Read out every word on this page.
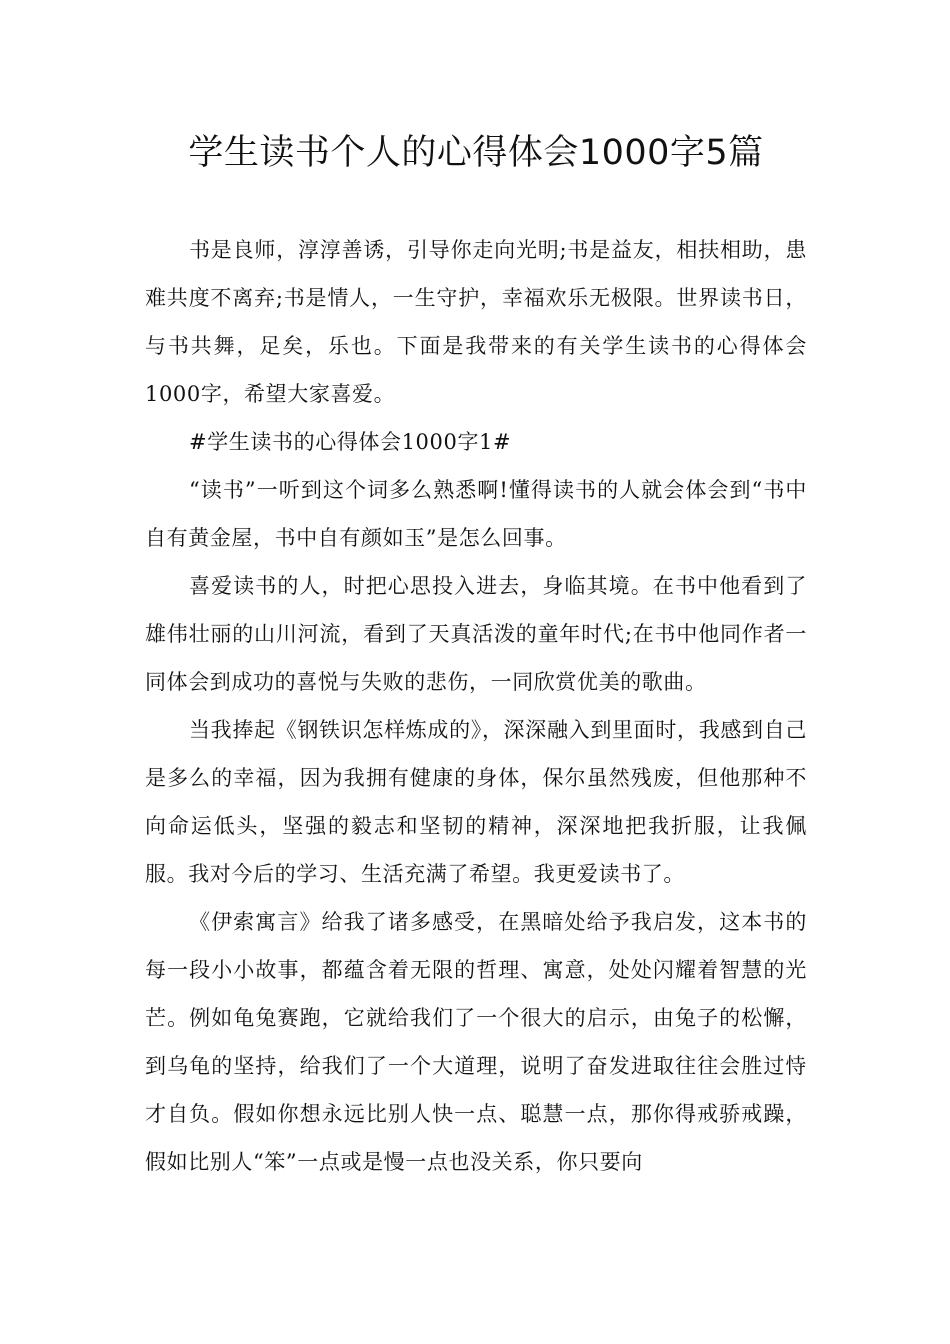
学生读书个人的心得体会1000字5篇

书是良师，淳淳善诱，引导你走向光明;书是益友，相扶相助，患难共度不离弃;书是情人，一生守护，幸福欢乐无极限。世界读书日，与书共舞，足矣，乐也。下面是我带来的有关学生读书的心得体会1000字，希望大家喜爱。

#学生读书的心得体会1000字1#

“读书”一听到这个词多么熟悉啊!懂得读书的人就会体会到“书中自有黄金屋，书中自有颜如玉”是怎么回事。

喜爱读书的人，时把心思投入进去，身临其境。在书中他看到了雄伟壮丽的山川河流，看到了天真活泼的童年时代;在书中他同作者一同体会到成功的喜悦与失败的悲伤，一同欣赏优美的歌曲。

当我捧起《钢铁识怎样炼成的》，深深融入到里面时，我感到自己是多么的幸福，因为我拥有健康的身体，保尔虽然残废，但他那种不向命运低头，坚强的毅志和坚韧的精神，深深地把我折服，让我佩服。我对今后的学习、生活充满了希望。我更爱读书了。

《伊索寓言》给我了诸多感受，在黑暗处给予我启发，这本书的每一段小小故事，都蕴含着无限的哲理、寓意，处处闪耀着智慧的光芒。例如龟兔赛跑，它就给我们了一个很大的启示，由兔子的松懈，到乌龟的坚持，给我们了一个大道理，说明了奋发进取往往会胜过恃才自负。假如你想永远比别人快一点、聪慧一点，那你得戒骄戒躁，假如比别人“笨”一点或是慢一点也没关系，你只要向
